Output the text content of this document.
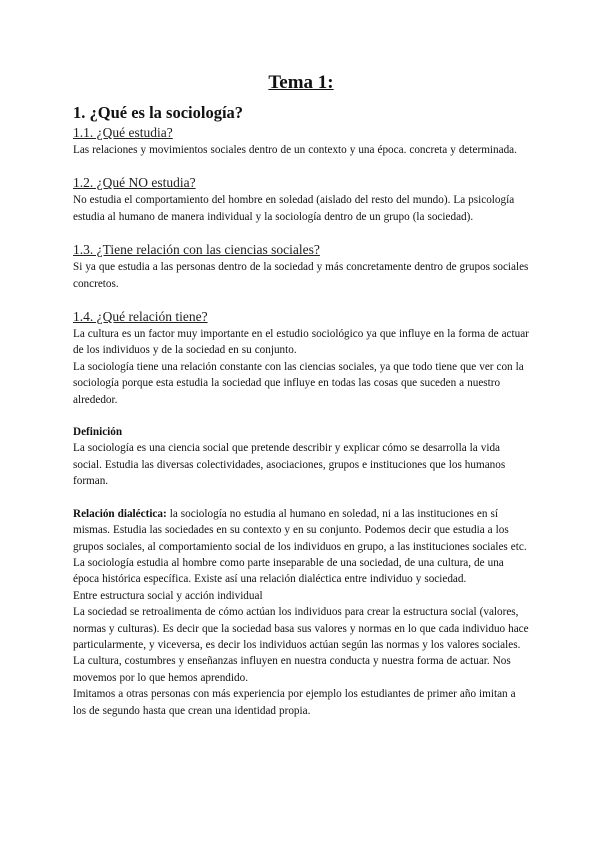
Tema 1:
1. ¿Qué es la sociología?
1.1. ¿Qué estudia?
Las relaciones y movimientos sociales dentro de un contexto y una época. concreta y determinada.
1.2. ¿Qué NO estudia?
No estudia el comportamiento del hombre en soledad (aislado del resto del mundo). La psicología estudia al humano de manera individual y la sociología dentro de un grupo (la sociedad).
1.3. ¿Tiene relación con las ciencias sociales?
Si ya que estudia a las personas dentro de la sociedad y más concretamente dentro de grupos sociales concretos.
1.4. ¿Qué relación tiene?
La cultura es un factor muy importante en el estudio sociológico ya que influye en la forma de actuar de los individuos y de la sociedad en su conjunto.
La sociología tiene una relación constante con las ciencias sociales, ya que todo tiene que ver con la sociología porque esta estudia la sociedad que influye en todas las cosas que suceden a nuestro alrededor.
Definición
La sociología es una ciencia social que pretende describir y explicar cómo se desarrolla la vida social. Estudia las diversas colectividades, asociaciones, grupos e instituciones que los humanos forman.
Relación dialéctica: la sociología no estudia al humano en soledad, ni a las instituciones en sí mismas. Estudia las sociedades en su contexto y en su conjunto. Podemos decir que estudia a los grupos sociales, al comportamiento social de los individuos en grupo, a las instituciones sociales etc.
La sociología estudia al hombre como parte inseparable de una sociedad, de una cultura, de una época histórica específica. Existe así una relación dialéctica entre individuo y sociedad.
Entre estructura social y acción individual
La sociedad se retroalimenta de cómo actúan los individuos para crear la estructura social (valores, normas y culturas). Es decir que la sociedad basa sus valores y normas en lo que cada individuo hace particularmente, y viceversa, es decir los individuos actúan según las normas y los valores sociales.
La cultura, costumbres y enseñanzas influyen en nuestra conducta y nuestra forma de actuar. Nos movemos por lo que hemos aprendido.
Imitamos a otras personas con más experiencia por ejemplo los estudiantes de primer año imitan a los de segundo hasta que crean una identidad propia.
